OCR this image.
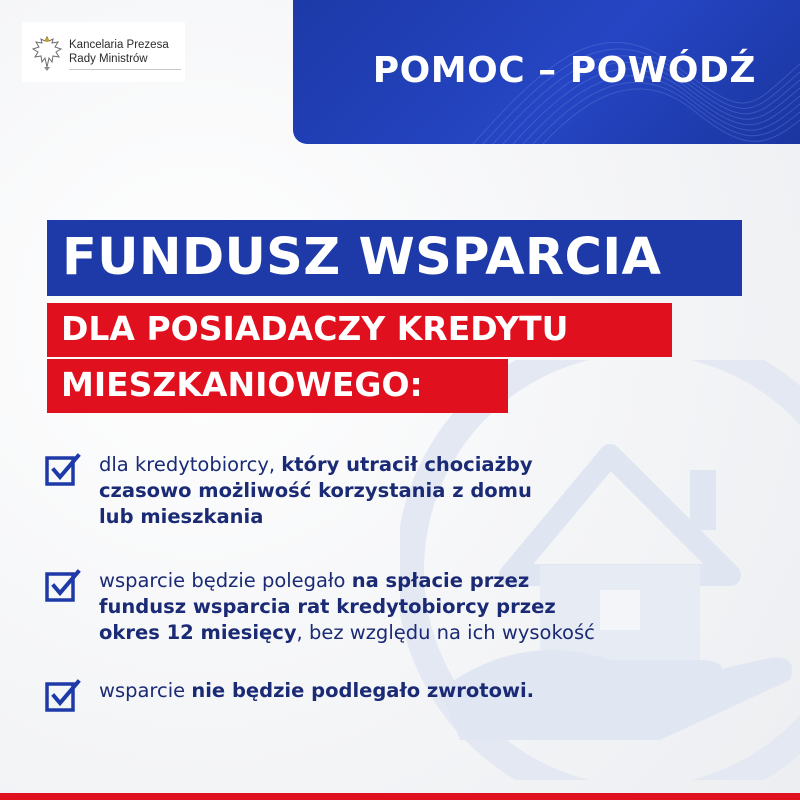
Kancelaria Prezesa
Rady Ministrów	POMOC – POWÓDŹ
FUNDUSZ WSPARCIA
DLA POSIADACZY KREDYTU
MIESZKANIOWEGO:
dla kredytobiorcy, który utracił chociażby
czasowo możliwość korzystania z domu
lub mieszkania
wsparcie będzie polegało na spłacie przez
fundusz wsparcia rat kredytobiorcy przez
okres 12 miesięcy, bez względu na ich wysokość
wsparcie nie będzie podlegało zwrotowi.
